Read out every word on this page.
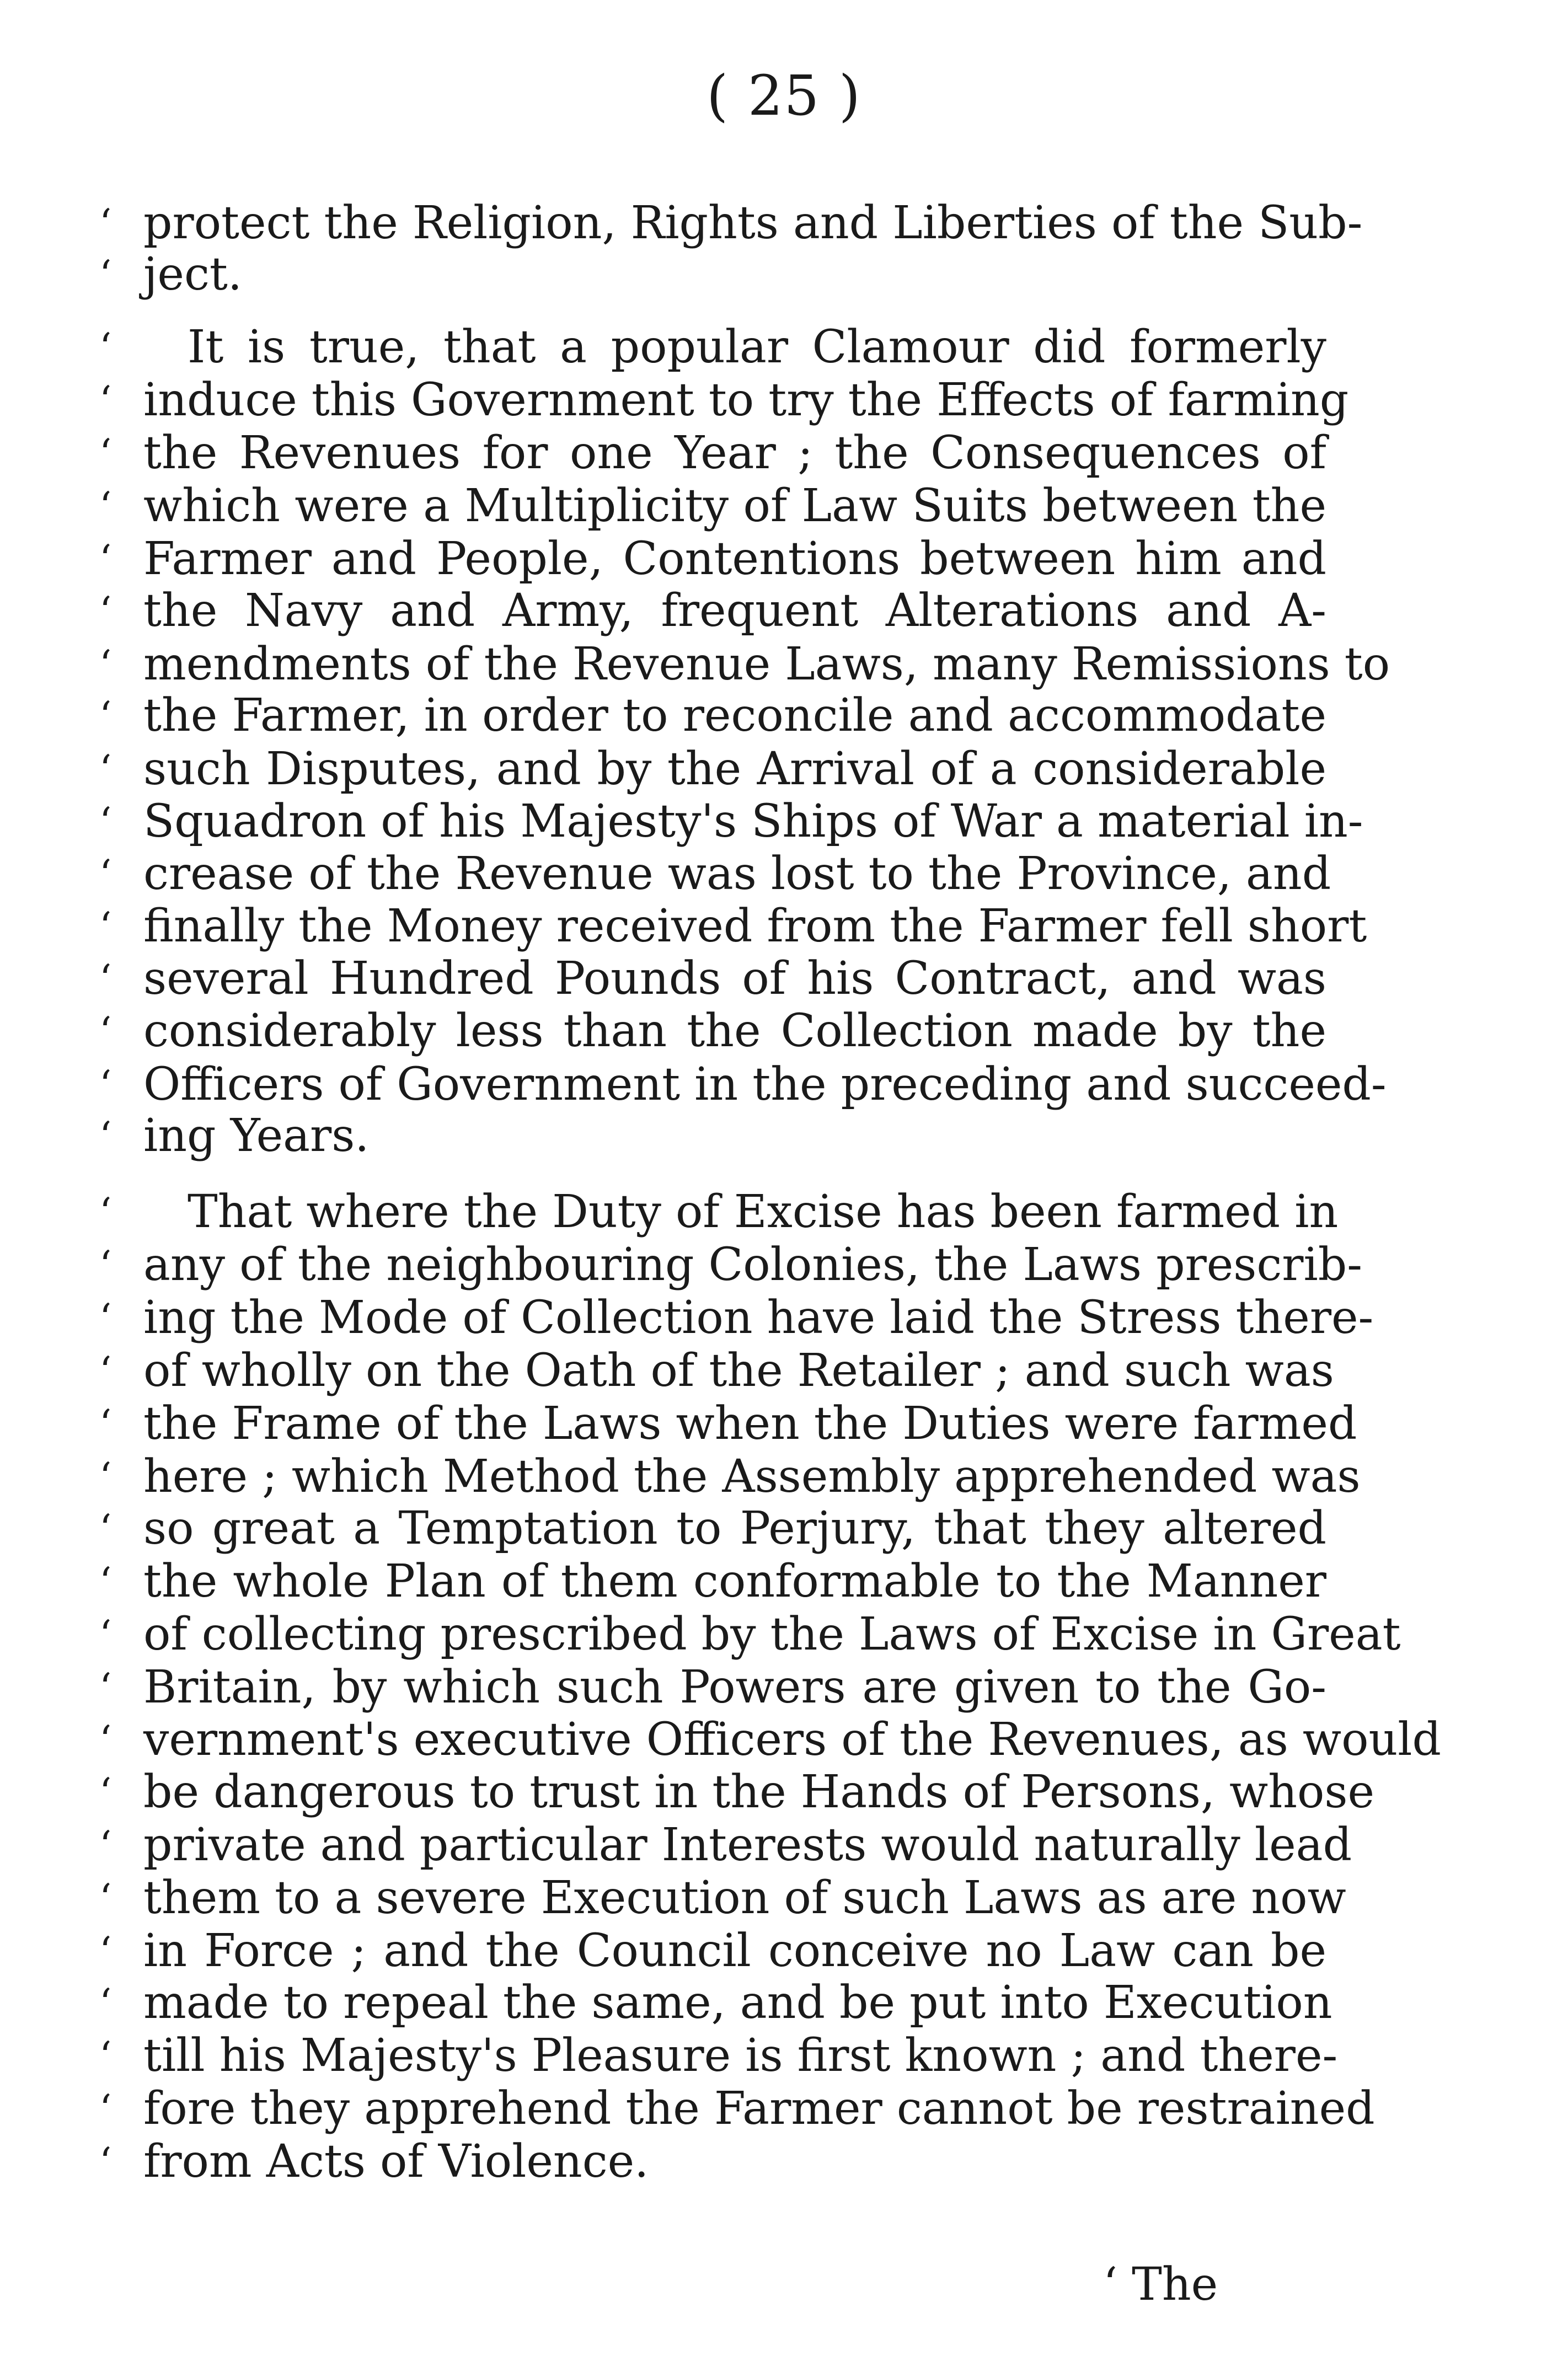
( 25 )
‘ protect the Religion, Rights and Liberties of the Sub-
‘ ject.
‘	It is true, that a popular Clamour did formerly
‘ induce this Government to try the Effects of farming
‘ the Revenues for one Year ; the Consequences of
‘ which were a Multiplicity of Law Suits between the
‘ Farmer and People, Contentions between him and
‘ the Navy and Army, frequent Alterations and A-
‘ mendments of the Revenue Laws, many Remissions to
‘ the Farmer, in order to reconcile and accommodate
‘ such Disputes, and by the Arrival of a considerable
‘ Squadron of his Majesty's Ships of War a material in-
‘ crease of the Revenue was lost to the Province, and
‘ finally the Money received from the Farmer fell short
‘ several Hundred Pounds of his Contract, and was
‘ considerably less than the Collection made by the
‘ Officers of Government in the preceding and succeed-
‘ ing Years.
‘	That where the Duty of Excise has been farmed in
‘ any of the neighbouring Colonies, the Laws prescrib-
‘ ing the Mode of Collection have laid the Stress there-
‘ of wholly on the Oath of the Retailer ; and such was
‘ the Frame of the Laws when the Duties were farmed
‘ here ; which Method the Assembly apprehended was
‘ so great a Temptation to Perjury, that they altered
‘ the whole Plan of them conformable to the Manner
‘ of collecting prescribed by the Laws of Excise in Great
‘ Britain, by which such Powers are given to the Go-
‘ vernment's executive Officers of the Revenues, as would
‘ be dangerous to trust in the Hands of Persons, whose
‘ private and particular Interests would naturally lead
‘ them to a severe Execution of such Laws as are now
‘ in Force ; and the Council conceive no Law can be
‘ made to repeal the same, and be put into Execution
‘ till his Majesty's Pleasure is first known ; and there-
‘ fore they apprehend the Farmer cannot be restrained
‘ from Acts of Violence.
‘ The
